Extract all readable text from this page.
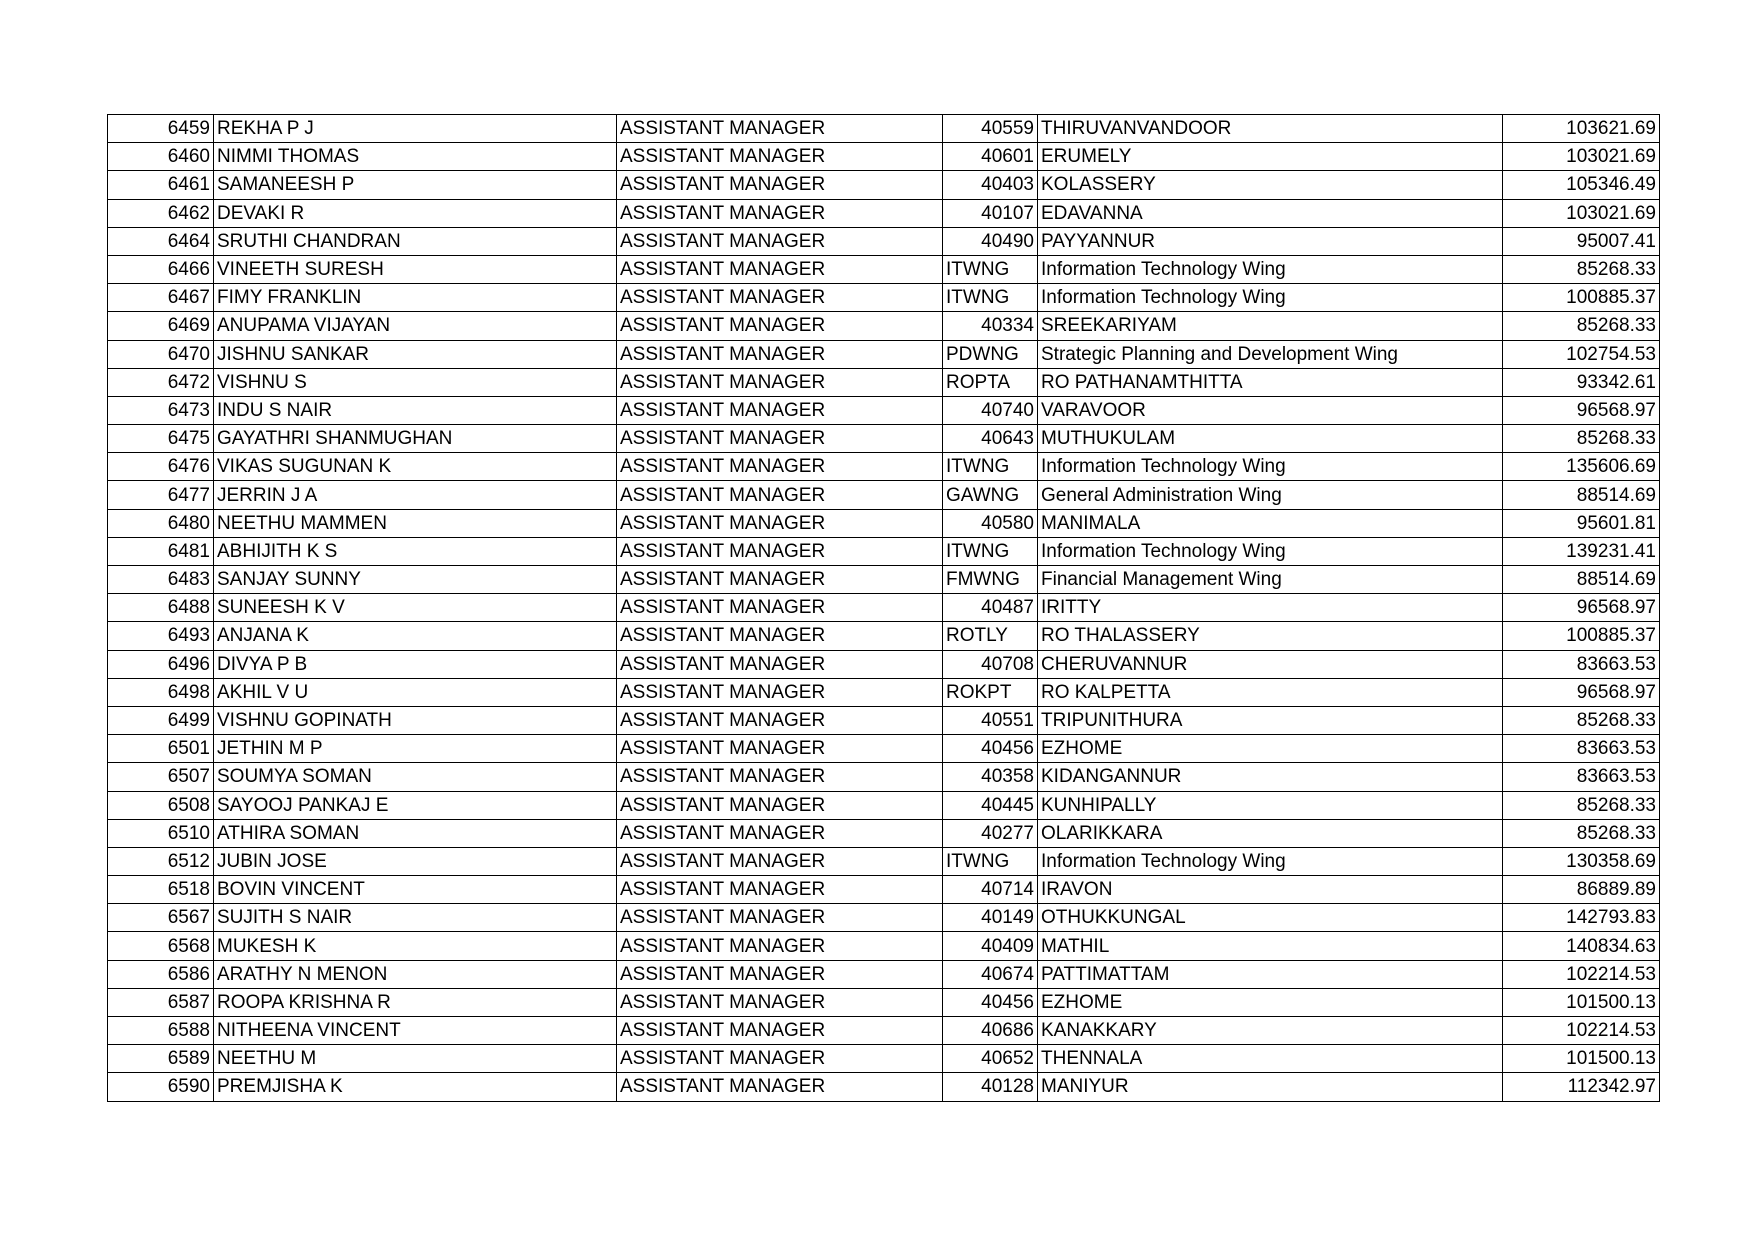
6459	REKHA P J	ASSISTANT MANAGER	40559	THIRUVANVANDOOR	103621.69
6460	NIMMI THOMAS	ASSISTANT MANAGER	40601	ERUMELY	103021.69
6461	SAMANEESH P	ASSISTANT MANAGER	40403	KOLASSERY	105346.49
6462	DEVAKI R	ASSISTANT MANAGER	40107	EDAVANNA	103021.69
6464	SRUTHI CHANDRAN	ASSISTANT MANAGER	40490	PAYYANNUR	95007.41
6466	VINEETH SURESH	ASSISTANT MANAGER	ITWNG	Information Technology Wing	85268.33
6467	FIMY FRANKLIN	ASSISTANT MANAGER	ITWNG	Information Technology Wing	100885.37
6469	ANUPAMA VIJAYAN	ASSISTANT MANAGER	40334	SREEKARIYAM	85268.33
6470	JISHNU SANKAR	ASSISTANT MANAGER	PDWNG	Strategic Planning and Development Wing	102754.53
6472	VISHNU S	ASSISTANT MANAGER	ROPTA	RO PATHANAMTHITTA	93342.61
6473	INDU S NAIR	ASSISTANT MANAGER	40740	VARAVOOR	96568.97
6475	GAYATHRI SHANMUGHAN	ASSISTANT MANAGER	40643	MUTHUKULAM	85268.33
6476	VIKAS SUGUNAN K	ASSISTANT MANAGER	ITWNG	Information Technology Wing	135606.69
6477	JERRIN J A	ASSISTANT MANAGER	GAWNG	General Administration Wing	88514.69
6480	NEETHU MAMMEN	ASSISTANT MANAGER	40580	MANIMALA	95601.81
6481	ABHIJITH K S	ASSISTANT MANAGER	ITWNG	Information Technology Wing	139231.41
6483	SANJAY SUNNY	ASSISTANT MANAGER	FMWNG	Financial Management Wing	88514.69
6488	SUNEESH K V	ASSISTANT MANAGER	40487	IRITTY	96568.97
6493	ANJANA K	ASSISTANT MANAGER	ROTLY	RO THALASSERY	100885.37
6496	DIVYA P B	ASSISTANT MANAGER	40708	CHERUVANNUR	83663.53
6498	AKHIL V U	ASSISTANT MANAGER	ROKPT	RO KALPETTA	96568.97
6499	VISHNU GOPINATH	ASSISTANT MANAGER	40551	TRIPUNITHURA	85268.33
6501	JETHIN M P	ASSISTANT MANAGER	40456	EZHOME	83663.53
6507	SOUMYA SOMAN	ASSISTANT MANAGER	40358	KIDANGANNUR	83663.53
6508	SAYOOJ PANKAJ E	ASSISTANT MANAGER	40445	KUNHIPALLY	85268.33
6510	ATHIRA SOMAN	ASSISTANT MANAGER	40277	OLARIKKARA	85268.33
6512	JUBIN JOSE	ASSISTANT MANAGER	ITWNG	Information Technology Wing	130358.69
6518	BOVIN VINCENT	ASSISTANT MANAGER	40714	IRAVON	86889.89
6567	SUJITH S NAIR	ASSISTANT MANAGER	40149	OTHUKKUNGAL	142793.83
6568	MUKESH K	ASSISTANT MANAGER	40409	MATHIL	140834.63
6586	ARATHY N MENON	ASSISTANT MANAGER	40674	PATTIMATTAM	102214.53
6587	ROOPA KRISHNA R	ASSISTANT MANAGER	40456	EZHOME	101500.13
6588	NITHEENA VINCENT	ASSISTANT MANAGER	40686	KANAKKARY	102214.53
6589	NEETHU M	ASSISTANT MANAGER	40652	THENNALA	101500.13
6590	PREMJISHA K	ASSISTANT MANAGER	40128	MANIYUR	112342.97
